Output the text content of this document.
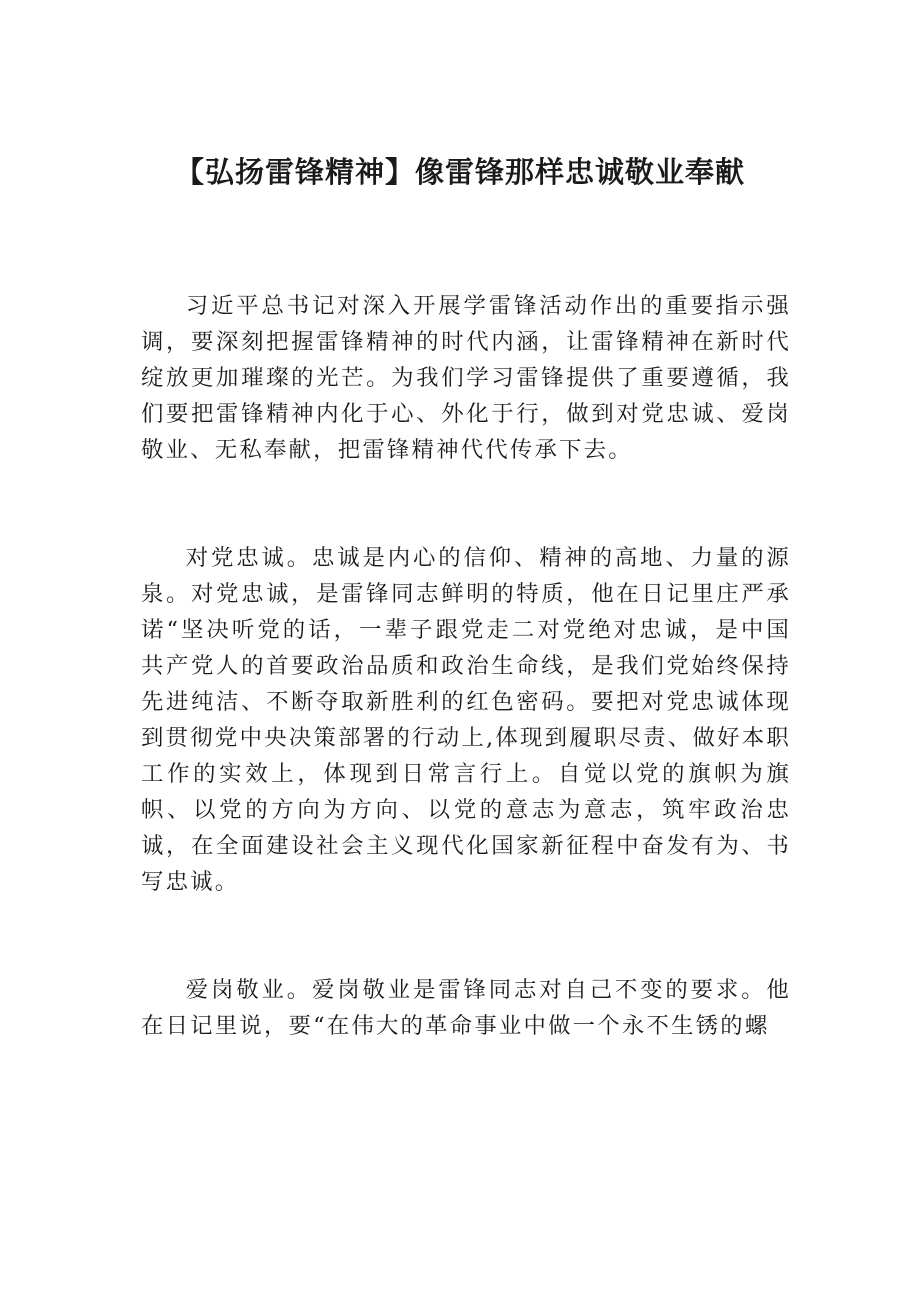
【弘扬雷锋精神】像雷锋那样忠诚敬业奉献

习近平总书记对深入开展学雷锋活动作出的重要指示强调，要深刻把握雷锋精神的时代内涵，让雷锋精神在新时代绽放更加璀璨的光芒。为我们学习雷锋提供了重要遵循，我们要把雷锋精神内化于心、外化于行，做到对党忠诚、爱岗敬业、无私奉献，把雷锋精神代代传承下去。

对党忠诚。忠诚是内心的信仰、精神的高地、力量的源泉。对党忠诚，是雷锋同志鲜明的特质，他在日记里庄严承诺“坚决听党的话，一辈子跟党走二对党绝对忠诚，是中国共产党人的首要政治品质和政治生命线，是我们党始终保持先进纯洁、不断夺取新胜利的红色密码。要把对党忠诚体现到贯彻党中央决策部署的行动上,体现到履职尽责、做好本职工作的实效上，体现到日常言行上。自觉以党的旗帜为旗帜、以党的方向为方向、以党的意志为意志，筑牢政治忠诚，在全面建设社会主义现代化国家新征程中奋发有为、书写忠诚。

爱岗敬业。爱岗敬业是雷锋同志对自己不变的要求。他在日记里说，要“在伟大的革命事业中做一个永不生锈的螺
